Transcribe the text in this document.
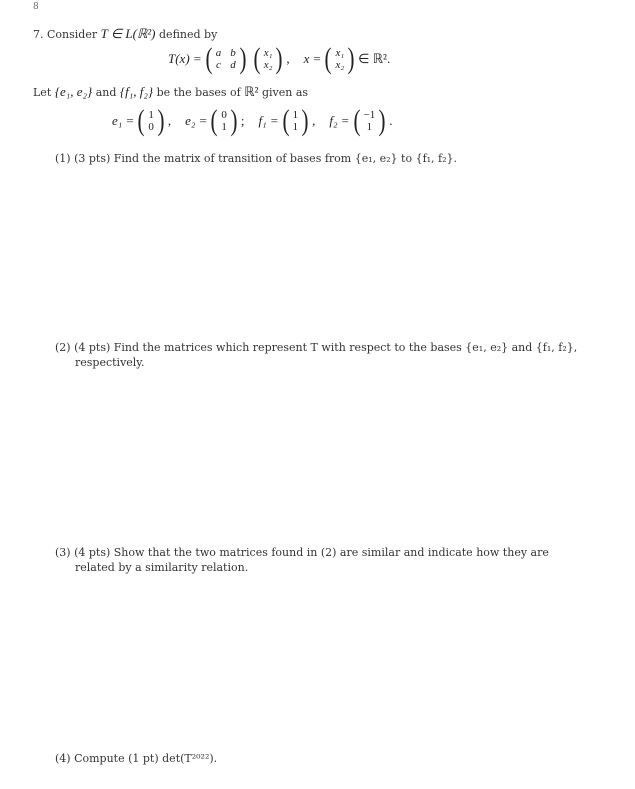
8
7. Consider T ∈ L(ℝ²) defined by
T(x) = ( a b
c d ) ( x₁
x₂ ) , x = ( x₁
x₂ ) ∈ ℝ².
Let {e₁, e₂} and {f₁, f₂} be the bases of ℝ² given as
e₁ = ( 1
0 ) , e₂ = ( 0
1 ) ; f₁ = ( 1
1 ) , f₂ = ( −1
1 ) .
(1) (3 pts) Find the matrix of transition of bases from {e₁, e₂} to {f₁, f₂}.
(2) (4 pts) Find the matrices which represent T with respect to the bases {e₁, e₂} and {f₁, f₂},
respectively.
(3) (4 pts) Show that the two matrices found in (2) are similar and indicate how they are
related by a similarity relation.
(4) Compute (1 pt) det(T²⁰²²).
